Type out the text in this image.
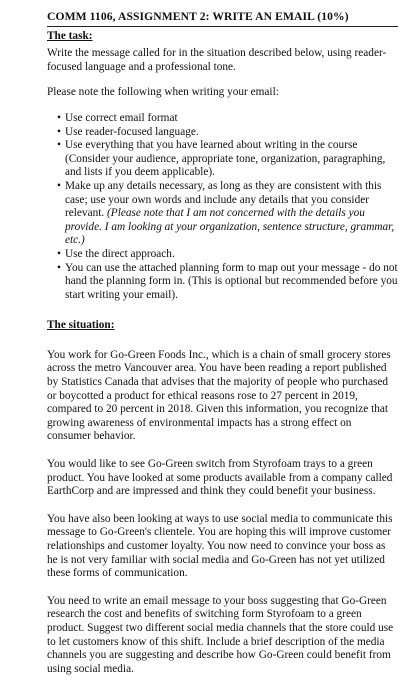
COMM 1106, ASSIGNMENT 2: WRITE AN EMAIL (10%)
The task:

Write the message called for in the situation described below, using reader-focused language and a professional tone.

Please note the following when writing your email:

• Use correct email format
• Use reader-focused language.
• Use everything that you have learned about writing in the course (Consider your audience, appropriate tone, organization, paragraphing, and lists if you deem applicable).
• Make up any details necessary, as long as they are consistent with this case; use your own words and include any details that you consider relevant. (Please note that I am not concerned with the details you provide. I am looking at your organization, sentence structure, grammar, etc.)
• Use the direct approach.
• You can use the attached planning form to map out your message - do not hand the planning form in. (This is optional but recommended before you start writing your email).
The situation:

You work for Go-Green Foods Inc., which is a chain of small grocery stores across the metro Vancouver area. You have been reading a report published by Statistics Canada that advises that the majority of people who purchased or boycotted a product for ethical reasons rose to 27 percent in 2019, compared to 20 percent in 2018. Given this information, you recognize that growing awareness of environmental impacts has a strong effect on consumer behavior.

You would like to see Go-Green switch from Styrofoam trays to a green product. You have looked at some products available from a company called EarthCorp and are impressed and think they could benefit your business.

You have also been looking at ways to use social media to communicate this message to Go-Green's clientele. You are hoping this will improve customer relationships and customer loyalty. You now need to convince your boss as he is not very familiar with social media and Go-Green has not yet utilized these forms of communication.

You need to write an email message to your boss suggesting that Go-Green research the cost and benefits of switching form Styrofoam to a green product. Suggest two different social media channels that the store could use to let customers know of this shift. Include a brief description of the media channels you are suggesting and describe how Go-Green could benefit from using social media.
